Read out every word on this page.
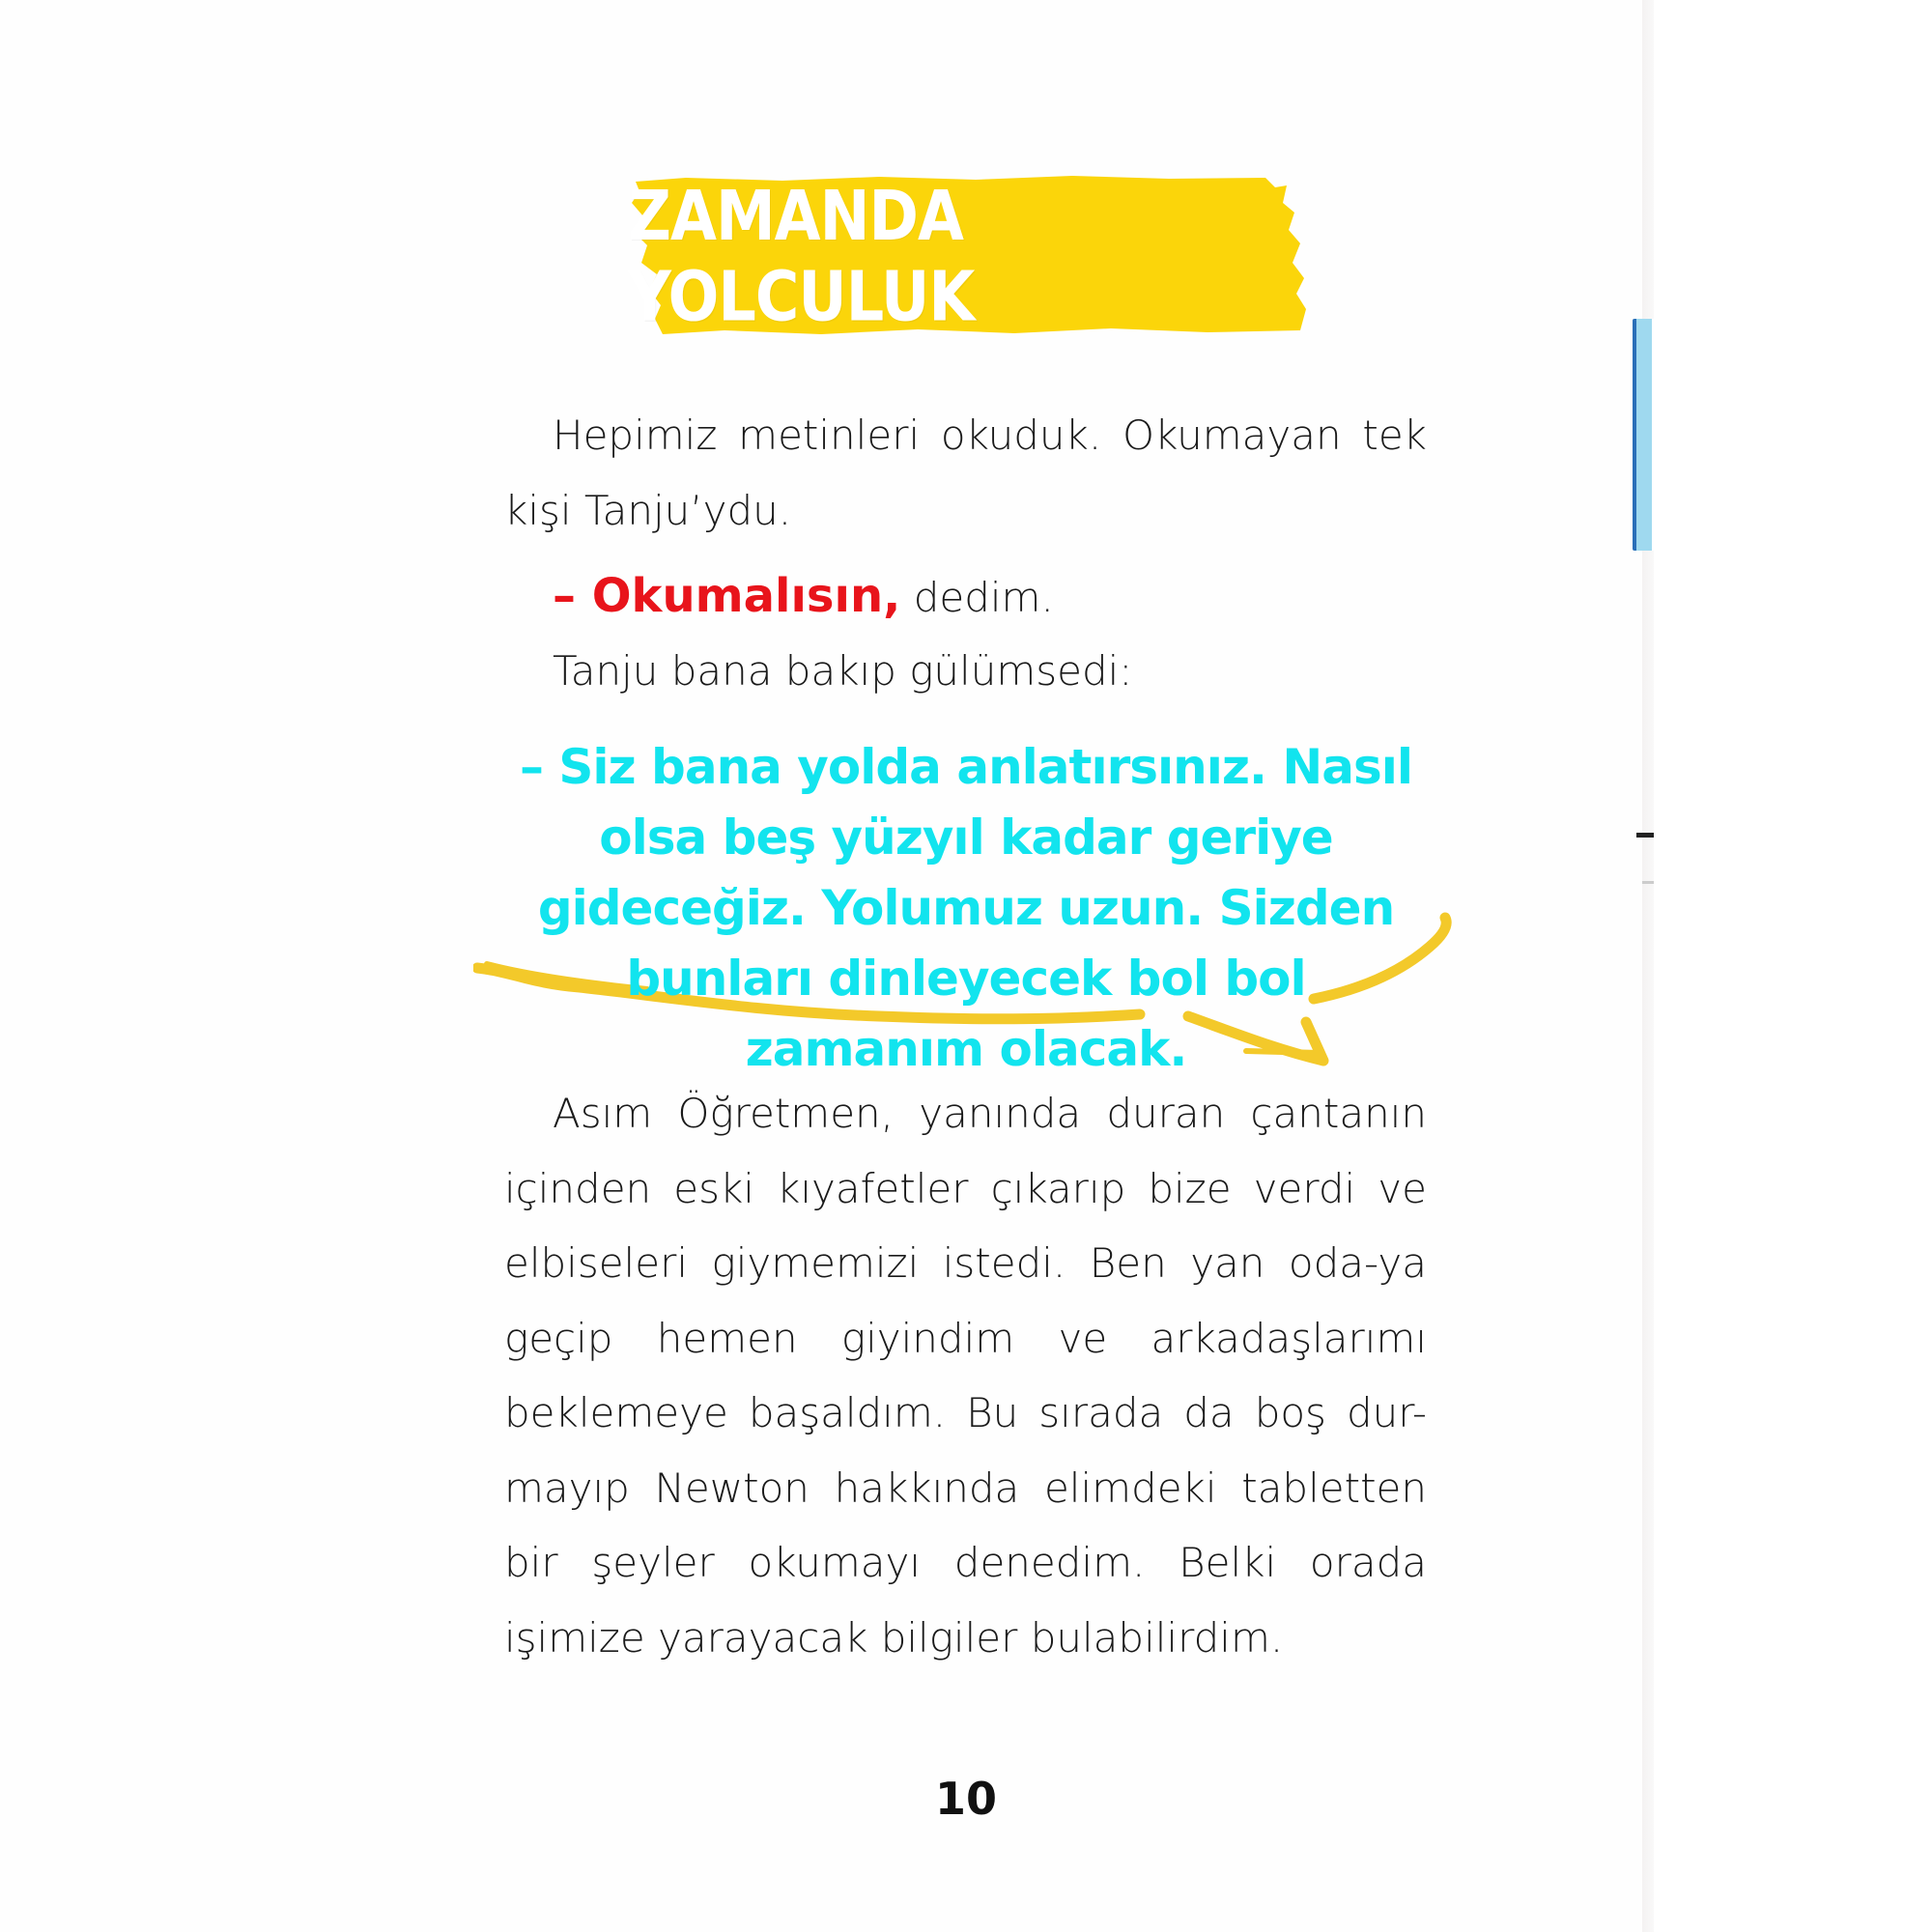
ZAMANDA YOLCULUK
Hepimiz metinleri okuduk. Okumayan tek kişi Tanju’ydu.
– Okumalısın, dedim.
Tanju bana bakıp gülümsedi:
– Siz bana yolda anlatırsınız. Nasıl olsa beş yüzyıl kadar geriye gideceğiz. Yolumuz uzun. Sizden bunları dinleyecek bol bol zamanım olacak.
Asım Öğretmen, yanında duran çantanın içinden eski kıyafetler çıkarıp bize verdi ve elbiseleri giymemizi istedi. Ben yan oda-ya geçip hemen giyindim ve arkadaşlarımı beklemeye başaldım. Bu sırada da boş dur-mayıp Newton hakkında elimdeki tabletten bir şeyler okumayı denedim. Belki orada işimize yarayacak bilgiler bulabilirdim.
10
